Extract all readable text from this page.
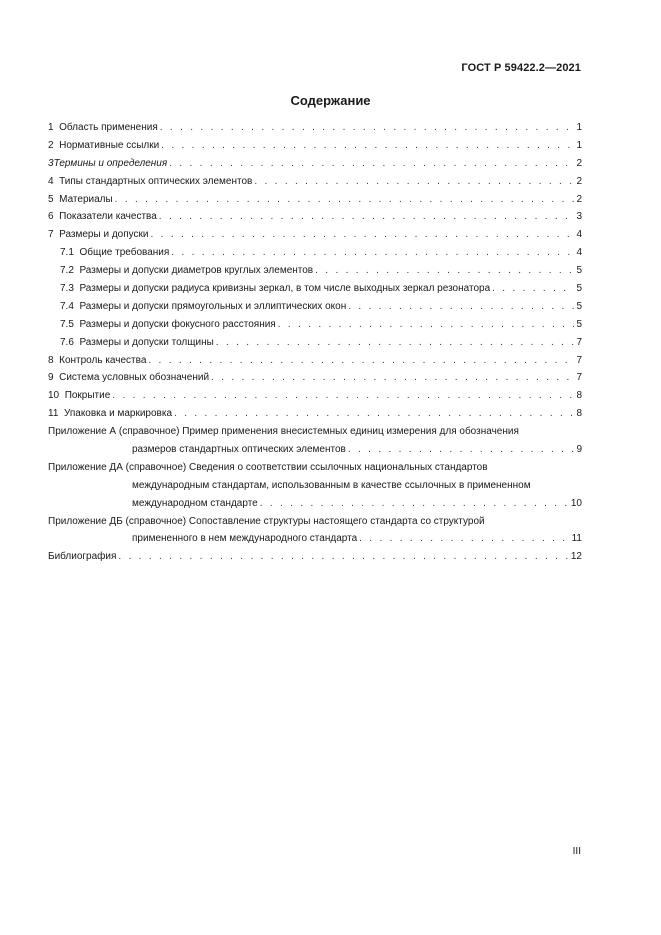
ГОСТ Р 59422.2—2021
Содержание
1 Область применения . . .	1
2 Нормативные ссылки . . .	1
3 Термины и определения . . .	2
4 Типы стандартных оптических элементов . . .	2
5 Материалы . . .	2
6 Показатели качества . . .	3
7 Размеры и допуски . . .	4
7.1 Общие требования . . .	4
7.2 Размеры и допуски диаметров круглых элементов . . .	5
7.3 Размеры и допуски радиуса кривизны зеркал, в том числе выходных зеркал резонатора . . .	5
7.4 Размеры и допуски прямоугольных и эллиптических окон . . .	5
7.5 Размеры и допуски фокусного расстояния . . .	5
7.6 Размеры и допуски толщины . . .	7
8 Контроль качества . . .	7
9 Система условных обозначений . . .	7
10 Покрытие . . .	8
11 Упаковка и маркировка . . .	8
Приложение А (справочное) Пример применения внесистемных единиц измерения для обозначения
размеров стандартных оптических элементов . . .	9
Приложение ДА (справочное) Сведения о соответствии ссылочных национальных стандартов
международным стандартам, использованным в качестве ссылочных в примененном
международном стандарте . . .	10
Приложение ДБ (справочное) Сопоставление структуры настоящего стандарта со структурой
примененного в нем международного стандарта . . .	11
Библиография . . .	12
III
